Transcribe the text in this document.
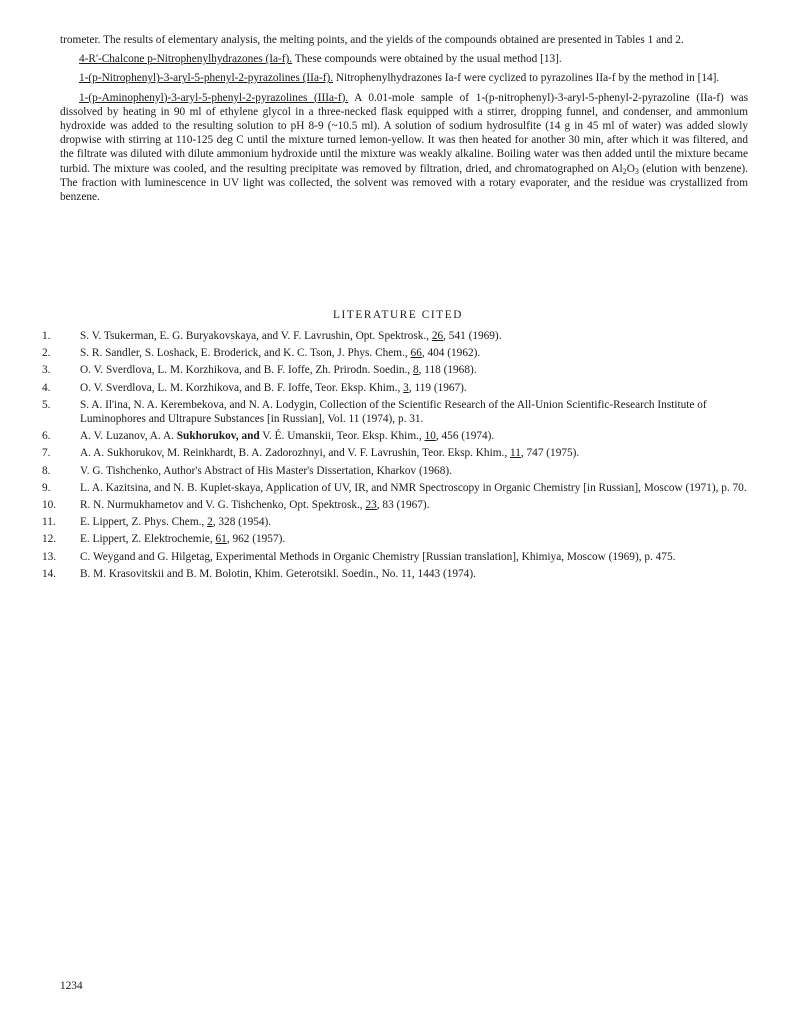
trometer. The results of elementary analysis, the melting points, and the yields of the compounds obtained are presented in Tables 1 and 2.

4-R'-Chalcone p-Nitrophenylhydrazones (Ia-f). These compounds were obtained by the usual method [13].

1-(p-Nitrophenyl)-3-aryl-5-phenyl-2-pyrazolines (IIa-f). Nitrophenylhydrazones Ia-f were cyclized to pyrazolines IIa-f by the method in [14].

1-(p-Aminophenyl)-3-aryl-5-phenyl-2-pyrazolines (IIIa-f). A 0.01-mole sample of 1-(p-nitrophenyl)-3-aryl-5-phenyl-2-pyrazoline (IIa-f) was dissolved by heating in 90 ml of ethylene glycol in a three-necked flask equipped with a stirrer, dropping funnel, and condenser, and ammonium hydroxide was added to the resulting solution to pH 8-9 (~10.5 ml). A solution of sodium hydrosulfite (14 g in 45 ml of water) was added slowly dropwise with stirring at 110-125 deg C until the mixture turned lemon-yellow. It was then heated for another 30 min, after which it was filtered, and the filtrate was diluted with dilute ammonium hydroxide until the mixture was weakly alkaline. Boiling water was then added until the mixture became turbid. The mixture was cooled, and the resulting precipitate was removed by filtration, dried, and chromatographed on $Al_2O_3$ (elution with benzene). The fraction with luminescence in UV light was collected, the solvent was removed with a rotary evaporater, and the residue was crystallized from benzene.

LITERATURE CITED
1.	S. V. Tsukerman, E. G. Buryakovskaya, and V. F. Lavrushin, Opt. Spektrosk., 26, 541 (1969).
2.	S. R. Sandler, S. Loshack, E. Broderick, and K. C. Tson, J. Phys. Chem., 66, 404 (1962).
3.	O. V. Sverdlova, L. M. Korzhikova, and B. F. Ioffe, Zh. Prirodn. Soedin., 8, 118 (1968).
4.	O. V. Sverdlova, L. M. Korzhikova, and B. F. Ioffe, Teor. Eksp. Khim., 3, 119 (1967).
5.	S. A. Il'ina, N. A. Kerembekova, and N. A. Lodygin, Collection of the Scientific Research of the All-Union Scientific-Research Institute of Luminophores and Ultrapure Substances [in Russian], Vol. 11 (1974), p. 31.
6.	A. V. Luzanov, A. A. Sukhorukov, and V. É. Umanskii, Teor. Eksp. Khim., 10, 456 (1974).
7.	A. A. Sukhorukov, M. Reinkhardt, B. A. Zadorozhnyi, and V. F. Lavrushin, Teor. Eksp. Khim., 11, 747 (1975).
8.	V. G. Tishchenko, Author's Abstract of His Master's Dissertation, Kharkov (1968).
9.	L. A. Kazitsina, and N. B. Kuplet-skaya, Application of UV, IR, and NMR Spectroscopy in Organic Chemistry [in Russian], Moscow (1971), p. 70.
10.	R. N. Nurmukhametov and V. G. Tishchenko, Opt. Spektrosk., 23, 83 (1967).
11.	E. Lippert, Z. Phys. Chem., 2, 328 (1954).
12.	E. Lippert, Z. Elektrochemie, 61, 962 (1957).
13.	C. Weygand and G. Hilgetag, Experimental Methods in Organic Chemistry [Russian translation], Khimiya, Moscow (1969), p. 475.
14.	B. M. Krasovitskii and B. M. Bolotin, Khim. Geterotsikl. Soedin., No. 11, 1443 (1974).
1234
